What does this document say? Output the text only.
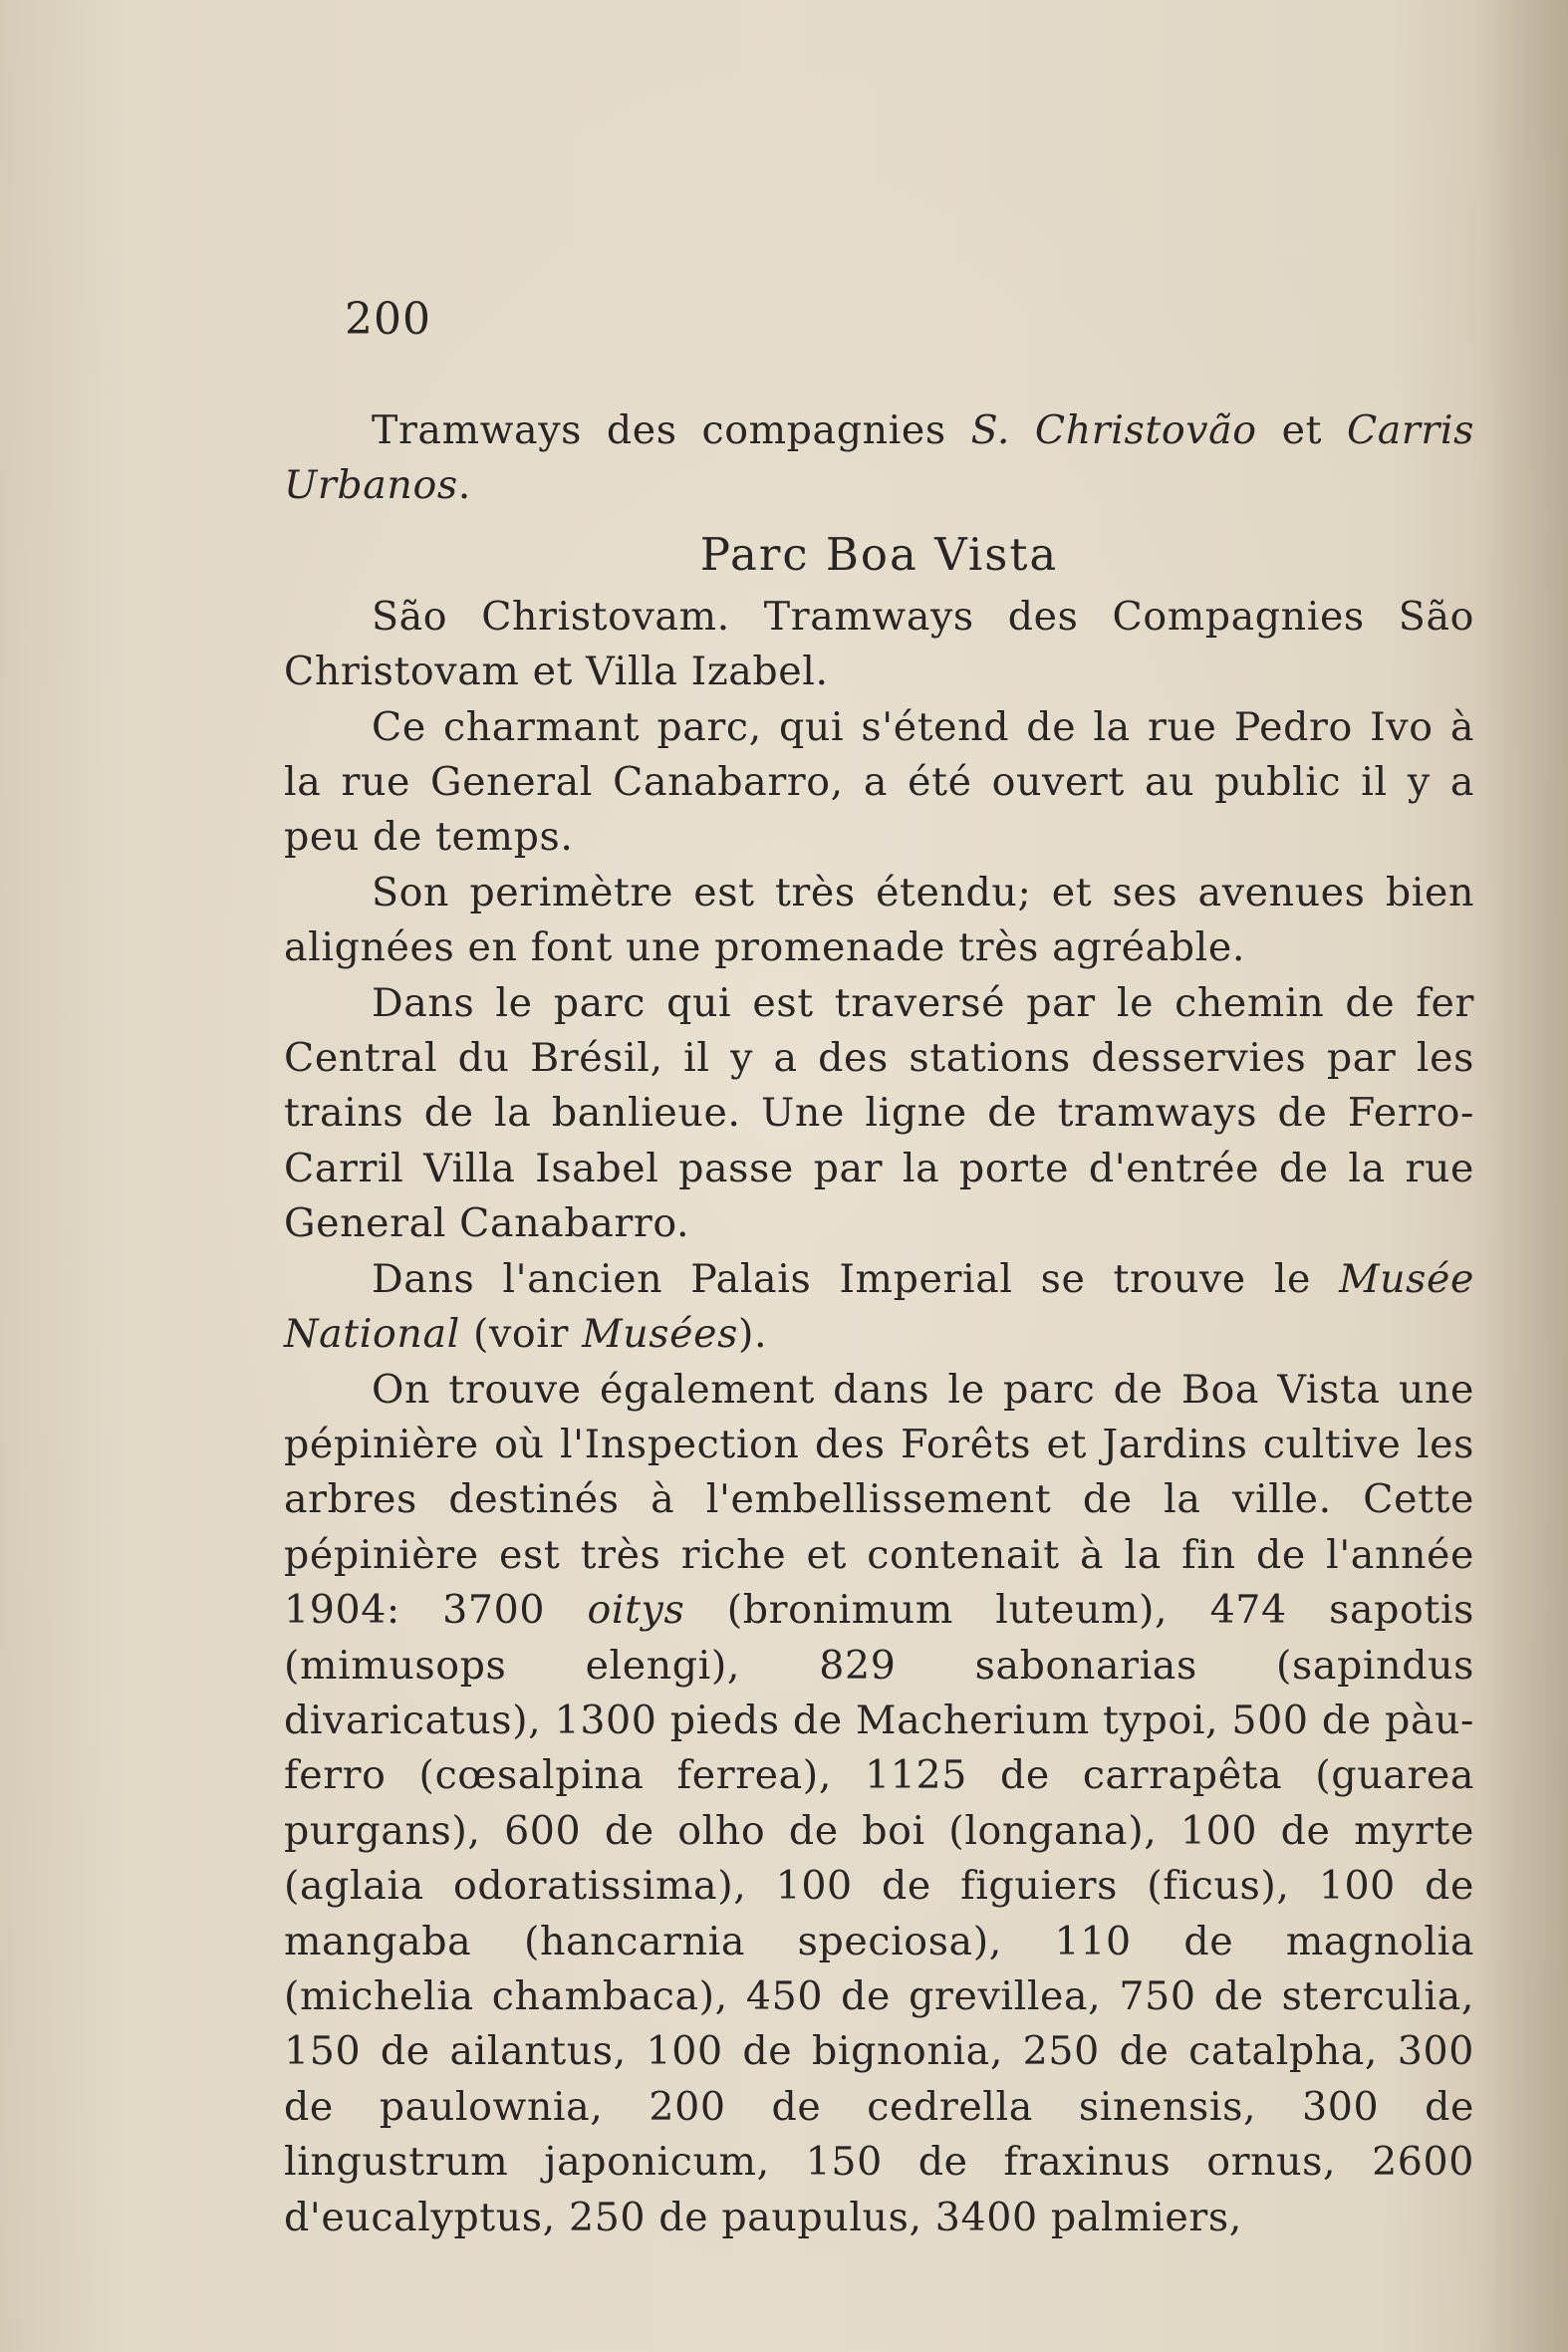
200

Tramways des compagnies S. Christovão et Carris Urbanos.

Parc Boa Vista

São Christovam. Tramways des Compagnies São Christovam et Villa Izabel.

Ce charmant parc, qui s'étend de la rue Pedro Ivo à la rue General Canabarro, a été ouvert au public il y a peu de temps.

Son perimètre est très étendu; et ses avenues bien alignées en font une promenade très agréable.

Dans le parc qui est traversé par le chemin de fer Central du Brésil, il y a des stations desservies par les trains de la banlieue. Une ligne de tramways de Ferro-Carril Villa Isabel passe par la porte d'entrée de la rue General Canabarro.

Dans l'ancien Palais Imperial se trouve le Musée National (voir Musées).

On trouve également dans le parc de Boa Vista une pépinière où l'Inspection des Forêts et Jardins cultive les arbres destinés à l'embellissement de la ville. Cette pépinière est très riche et contenait à la fin de l'année 1904: 3700 oitys (bronimum luteum), 474 sapotis (mimusops elengi), 829 sabonarias (sapindus divaricatus), 1300 pieds de Macherium typoi, 500 de pàu-ferro (cœsalpina ferrea), 1125 de carrapêta (guarea purgans), 600 de olho de boi (longana), 100 de myrte (aglaia odoratissima), 100 de figuiers (ficus), 100 de mangaba (hancarnia speciosa), 110 de magnolia (michelia chambaca), 450 de grevillea, 750 de sterculia, 150 de ailantus, 100 de bignonia, 250 de catalpha, 300 de paulownia, 200 de cedrella sinensis, 300 de lingustrum japonicum, 150 de fraxinus ornus, 2600 d'eucalyptus, 250 de paupulus, 3400 palmiers,
